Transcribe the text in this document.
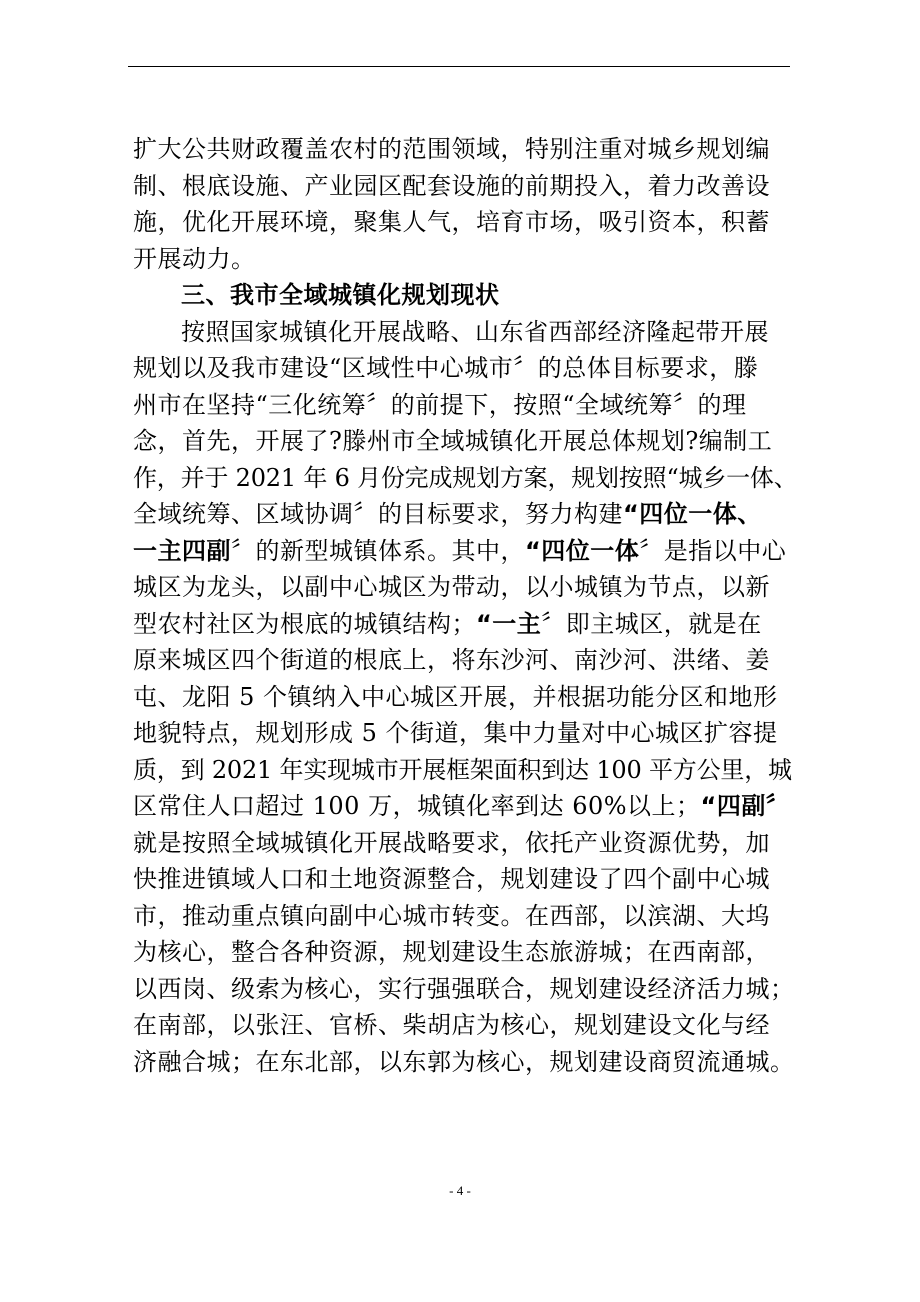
扩大公共财政覆盖农村的范围领域，特别注重对城乡规划编
制、根底设施、产业园区配套设施的前期投入，着力改善设
施，优化开展环境，聚集人气，培育市场，吸引资本，积蓄
开展动力。
三、我市全域城镇化规划现状
按照国家城镇化开展战略、山东省西部经济隆起带开展
规划以及我市建设“区域性中心城市〞的总体目标要求，滕
州市在坚持“三化统筹〞的前提下，按照“全域统筹〞的理
念，首先，开展了?滕州市全域城镇化开展总体规划?编制工
作，并于 2021 年 6 月份完成规划方案，规划按照“城乡一体、
全域统筹、区域协调〞的目标要求，努力构建“四位一体、
一主四副〞的新型城镇体系。其中，“四位一体〞是指以中心
城区为龙头，以副中心城区为带动，以小城镇为节点，以新
型农村社区为根底的城镇结构；“一主〞即主城区，就是在
原来城区四个街道的根底上，将东沙河、南沙河、洪绪、姜
屯、龙阳 5 个镇纳入中心城区开展，并根据功能分区和地形
地貌特点，规划形成 5 个街道，集中力量对中心城区扩容提
质，到 2021 年实现城市开展框架面积到达 100 平方公里，城
区常住人口超过 100 万，城镇化率到达 60%以上；“四副〞
就是按照全域城镇化开展战略要求，依托产业资源优势，加
快推进镇域人口和土地资源整合，规划建设了四个副中心城
市，推动重点镇向副中心城市转变。在西部，以滨湖、大坞
为核心，整合各种资源，规划建设生态旅游城；在西南部，
以西岗、级索为核心，实行强强联合，规划建设经济活力城；
在南部，以张汪、官桥、柴胡店为核心，规划建设文化与经
济融合城；在东北部，以东郭为核心，规划建设商贸流通城。
- 4 -
